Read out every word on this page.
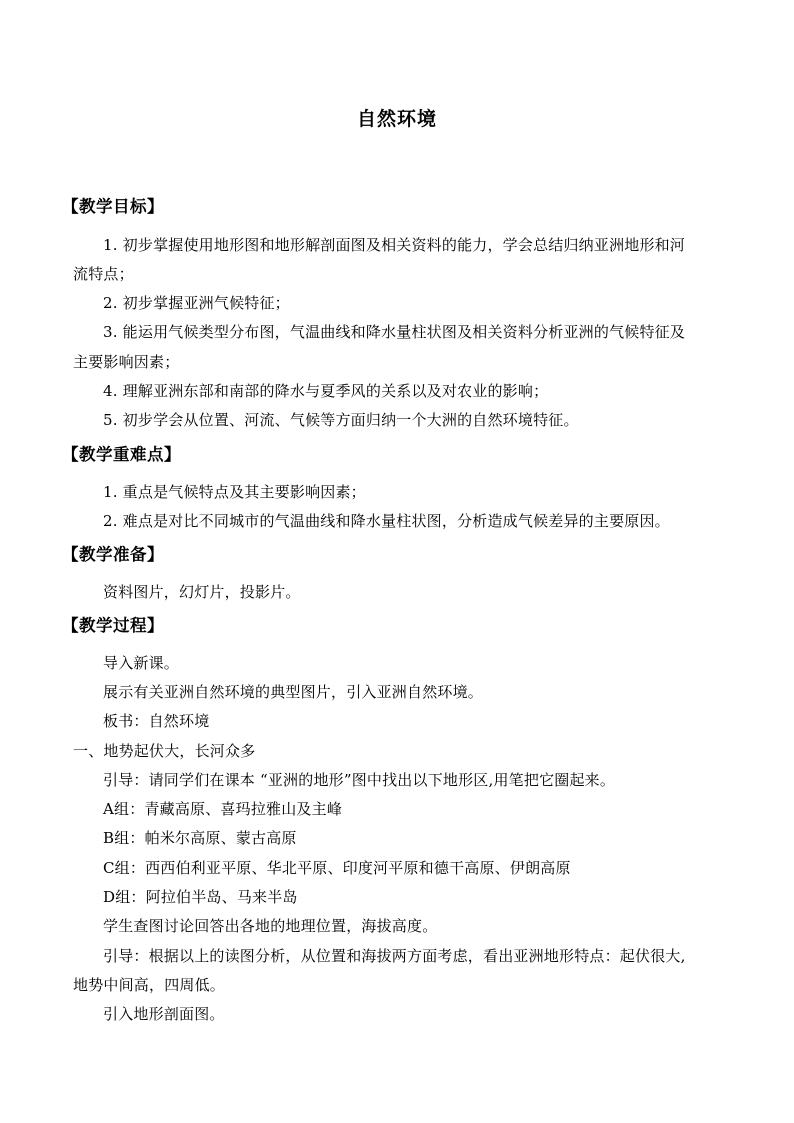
自然环境
【教学目标】
1. 初步掌握使用地形图和地形解剖面图及相关资料的能力，学会总结归纳亚洲地形和河
流特点；
2. 初步掌握亚洲气候特征；
3. 能运用气候类型分布图，气温曲线和降水量柱状图及相关资料分析亚洲的气候特征及
主要影响因素；
4. 理解亚洲东部和南部的降水与夏季风的关系以及对农业的影响；
5. 初步学会从位置、河流、气候等方面归纳一个大洲的自然环境特征。
【教学重难点】
1. 重点是气候特点及其主要影响因素；
2. 难点是对比不同城市的气温曲线和降水量柱状图，分析造成气候差异的主要原因。
【教学准备】
资料图片，幻灯片，投影片。
【教学过程】
导入新课。
展示有关亚洲自然环境的典型图片，引入亚洲自然环境。
板书：自然环境
一、地势起伏大，长河众多
引导：请同学们在课本 “亚洲的地形”图中找出以下地形区,用笔把它圈起来。
A组：青藏高原、喜玛拉雅山及主峰
B组：帕米尔高原、蒙古高原
C组：西西伯利亚平原、华北平原、印度河平原和德干高原、伊朗高原
D组：阿拉伯半岛、马来半岛
学生查图讨论回答出各地的地理位置，海拔高度。
引导：根据以上的读图分析，从位置和海拔两方面考虑，看出亚洲地形特点：起伏很大,
地势中间高，四周低。
引入地形剖面图。
